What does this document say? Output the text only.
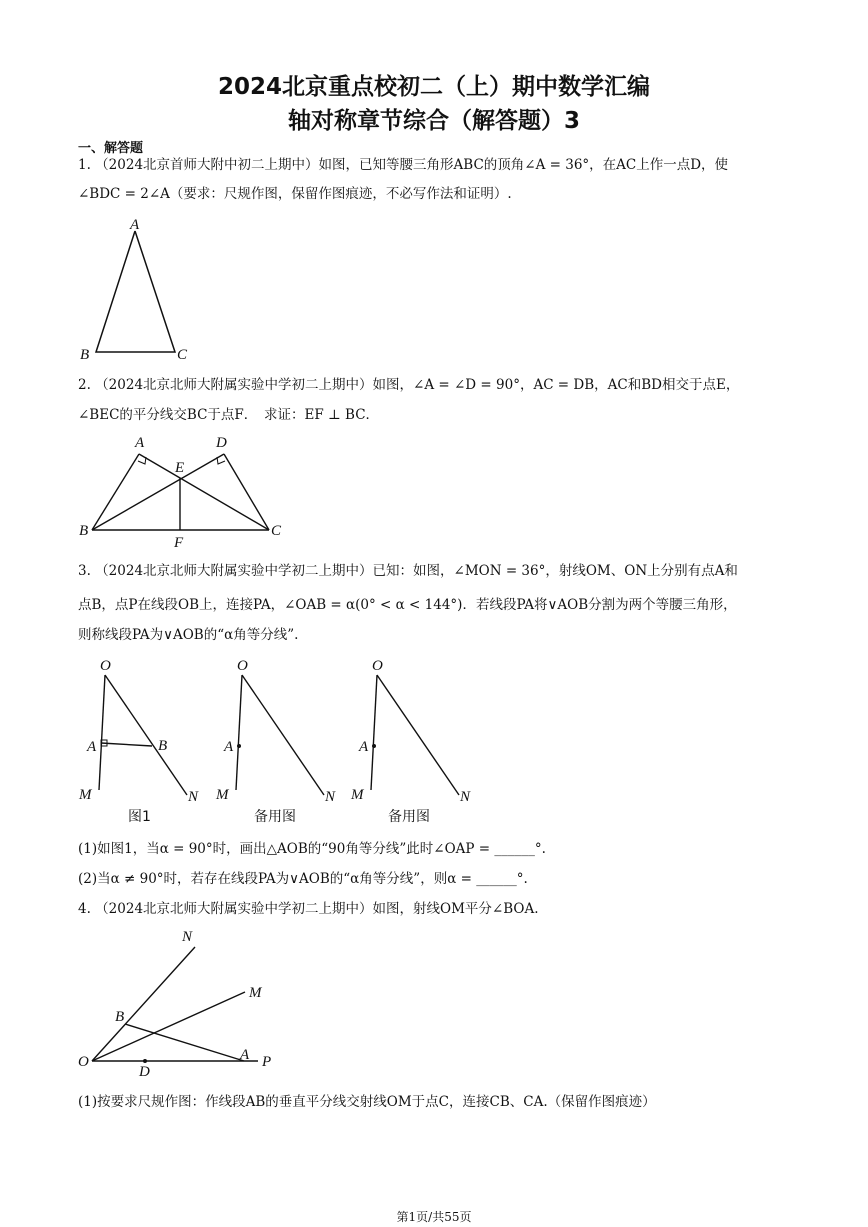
2024北京重点校初二（上）期中数学汇编
轴对称章节综合（解答题）3
一、解答题
1. （2024北京首师大附中初二上期中）如图，已知等腰三角形ABC的顶角∠A = 36°，在AC上作一点D，使
∠BDC = 2∠A（要求：尺规作图，保留作图痕迹，不必写作法和证明）.
A
B	C
2. （2024北京北师大附属实验中学初二上期中）如图，∠A = ∠D = 90°，AC = DB，AC和BD相交于点E，
∠BEC的平分线交BC于点F．　求证：EF ⊥ BC．
A	D
E
B	C
F
3. （2024北京北师大附属实验中学初二上期中）已知：如图，∠MON = 36°，射线OM、ON上分别有点A和
点B，点P在线段OB上，连接PA，∠OAB = α(0° < α < 144°)．若线段PA将∨AOB分割为两个等腰三角形，
则称线段PA为∨AOB的“α角等分线”.
O
A	B
M	N
图1
O
A
M	N
备用图
O
A
M	N
备用图
(1)如图1，当α = 90°时，画出△AOB的“90角等分线”此时∠OAP = ______°.
(2)当α ≠ 90°时，若存在线段PA为∨AOB的“α角等分线”，则α = ______°.
4. （2024北京北师大附属实验中学初二上期中）如图，射线OM平分∠BOA.
N
M
B
O
D
A P
(1)按要求尺规作图：作线段AB的垂直平分线交射线OM于点C，连接CB、CA.（保留作图痕迹）
第1页/共55页
